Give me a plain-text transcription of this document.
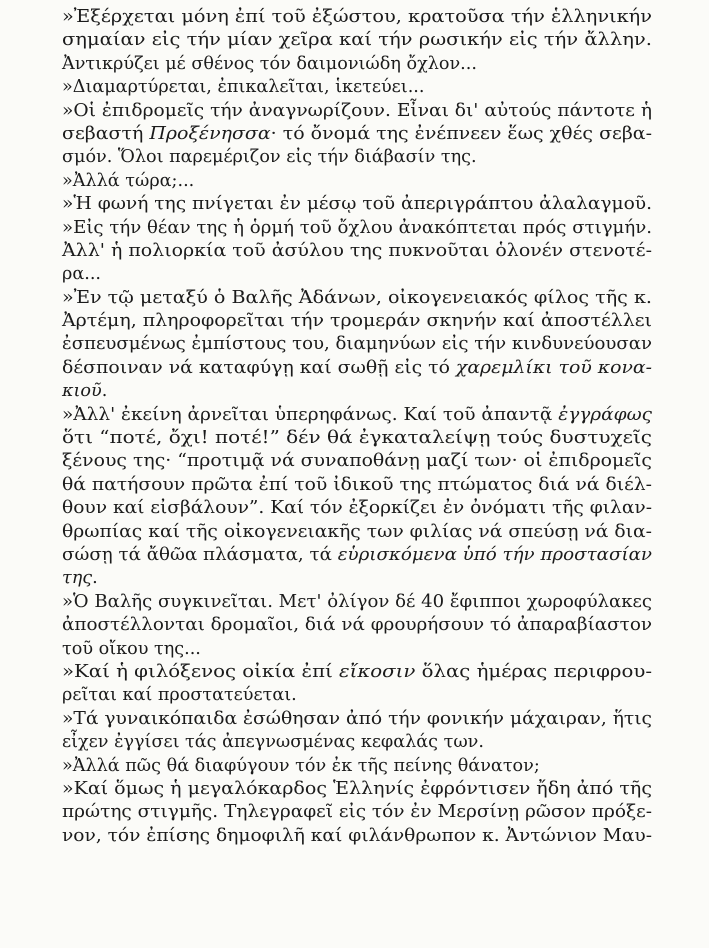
»Ἐξέρχεται μόνη ἐπί τοῦ ἐξώστου, κρατοῦσα τήν ἑλληνικήν
σημαίαν εἰς τήν μίαν χεῖρα καί τήν ρωσικήν εἰς τήν ἄλλην.
Ἀντικρύζει μέ σθένος τόν δαιμονιώδη ὄχλον...
»Διαμαρτύρεται, ἐπικαλεῖται, ἱκετεύει...
»Οἱ ἐπιδρομεῖς τήν ἀναγνωρίζουν. Εἶναι δι' αὐτούς πάντοτε ἡ
σεβαστή Προξένησσα· τό ὄνομά της ἐνέπνεεν ἕως χθές σεβα-
σμόν. Ὅλοι παρεμέριζον εἰς τήν διάβασίν της.
»Ἀλλά τώρα;...
»Ἡ φωνή της πνίγεται ἐν μέσῳ τοῦ ἀπεριγράπτου ἀλαλαγμοῦ.
»Εἰς τήν θέαν της ἡ ὁρμή τοῦ ὄχλου ἀνακόπτεται πρός στιγμήν.
Ἀλλ' ἡ πολιορκία τοῦ ἀσύλου της πυκνοῦται ὁλονέν στενοτέ-
ρα...
»Ἐν τῷ μεταξύ ὁ Βαλῆς Ἀδάνων, οἰκογενειακός φίλος τῆς κ.
Ἀρτέμη, πληροφορεῖται τήν τρομεράν σκηνήν καί ἀποστέλλει
ἐσπευσμένως ἐμπίστους του, διαμηνύων εἰς τήν κινδυνεύουσαν
δέσποιναν νά καταφύγῃ καί σωθῇ εἰς τό χαρεμλίκι τοῦ κονα-
κιοῦ.
»Ἀλλ' ἐκείνη ἀρνεῖται ὑπερηφάνως. Καί τοῦ ἀπαντᾷ ἐγγράφως
ὅτι “ποτέ, ὄχι! ποτέ!” δέν θά ἐγκαταλείψῃ τούς δυστυχεῖς
ξένους της· “προτιμᾷ νά συναποθάνῃ μαζί των· οἱ ἐπιδρομεῖς
θά πατήσουν πρῶτα ἐπί τοῦ ἰδικοῦ της πτώματος διά νά διέλ-
θουν καί εἰσβάλουν”. Καί τόν ἐξορκίζει ἐν ὀνόματι τῆς φιλαν-
θρωπίας καί τῆς οἰκογενειακῆς των φιλίας νά σπεύσῃ νά δια-
σώσῃ τά ἄθῶα πλάσματα, τά εὑρισκόμενα ὑπό τήν προστασίαν
της.
»Ὁ Βαλῆς συγκινεῖται. Μετ' ὀλίγον δέ 40 ἔφιπποι χωροφύλακες
ἀποστέλλονται δρομαῖοι, διά νά φρουρήσουν τό ἀπαραβίαστον
τοῦ οἴκου της...
»Καί ἡ φιλόξενος οἰκία ἐπί εἴκοσιν ὅλας ἡμέρας περιφρου-
ρεῖται καί προστατεύεται.
»Τά γυναικόπαιδα ἐσώθησαν ἀπό τήν φονικήν μάχαιραν, ἥτις
εἶχεν ἐγγίσει τάς ἀπεγνωσμένας κεφαλάς των.
»Ἀλλά πῶς θά διαφύγουν τόν ἐκ τῆς πείνης θάνατον;
»Καί ὅμως ἡ μεγαλόκαρδος Ἑλληνίς ἐφρόντισεν ἤδη ἀπό τῆς
πρώτης στιγμῆς. Τηλεγραφεῖ εἰς τόν ἐν Μερσίνῃ ρῶσον πρόξε-
νον, τόν ἐπίσης δημοφιλῆ καί φιλάνθρωπον κ. Ἀντώνιον Μαυ-
